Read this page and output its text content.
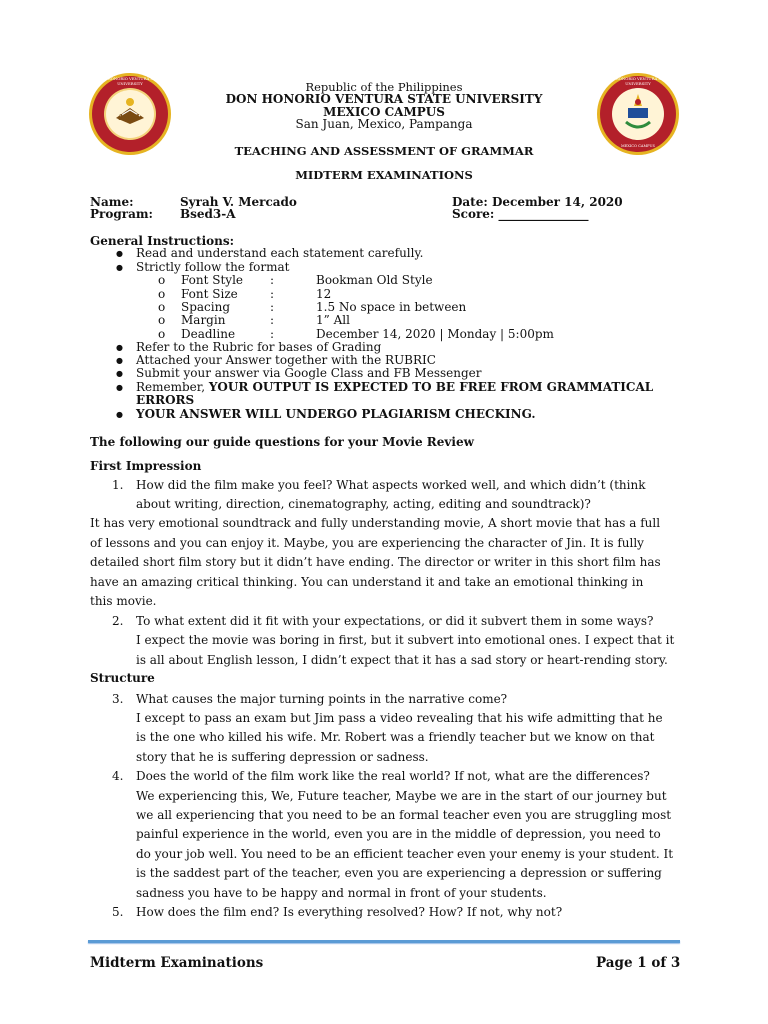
1861
DON HONORIO VENTURA STATE UNIVERSITY
DON HONORIO VENTURA STATE UNIVERSITY
MEXICO CAMPUS
Republic of the Philippines
DON HONORIO VENTURA STATE UNIVERSITY
MEXICO CAMPUS
San Juan, Mexico, Pampanga
TEACHING AND ASSESSMENT OF GRAMMAR
MIDTERM EXAMINATIONS
Name:	Syrah V. Mercado	Date: December 14, 2020
Program: Bsed3-A	Score: _______________
General Instructions:
● Read and understand each statement carefully.
● Strictly follow the format
o Font Style :	Bookman Old Style
o Font Size	:	12
o Spacing	:	1.5 No space in between
o Margin	:	1” All
o Deadline	:	December 14, 2020 | Monday | 5:00pm
● Refer to the Rubric for bases of Grading
● Attached your Answer together with the RUBRIC
● Submit your answer via Google Class and FB Messenger
● Remember, YOUR OUTPUT IS EXPECTED TO BE FREE FROM GRAMMATICAL
ERRORS
● YOUR ANSWER WILL UNDERGO PLAGIARISM CHECKING.
The following our guide questions for your Movie Review
First Impression
1. How did the film make you feel? What aspects worked well, and which didn’t (think
about writing, direction, cinematography, acting, editing and soundtrack)?
It has very emotional soundtrack and fully understanding movie, A short movie that has a full
of lessons and you can enjoy it. Maybe, you are experiencing the character of Jin. It is fully
detailed short film story but it didn’t have ending. The director or writer in this short film has
have an amazing critical thinking. You can understand it and take an emotional thinking in
this movie.
2. To what extent did it fit with your expectations, or did it subvert them in some ways?
I expect the movie was boring in first, but it subvert into emotional ones. I expect that it
is all about English lesson, I didn’t expect that it has a sad story or heart-rending story.
Structure
3. What causes the major turning points in the narrative come?
I except to pass an exam but Jim pass a video revealing that his wife admitting that he
is the one who killed his wife. Mr. Robert was a friendly teacher but we know on that
story that he is suffering depression or sadness.
4. Does the world of the film work like the real world? If not, what are the differences?
We experiencing this, We, Future teacher, Maybe we are in the start of our journey but
we all experiencing that you need to be an formal teacher even you are struggling most
painful experience in the world, even you are in the middle of depression, you need to
do your job well. You need to be an efficient teacher even your enemy is your student. It
is the saddest part of the teacher, even you are experiencing a depression or suffering
sadness you have to be happy and normal in front of your students.
5. How does the film end? Is everything resolved? How? If not, why not?
Midterm Examinations	Page 1 of 3
